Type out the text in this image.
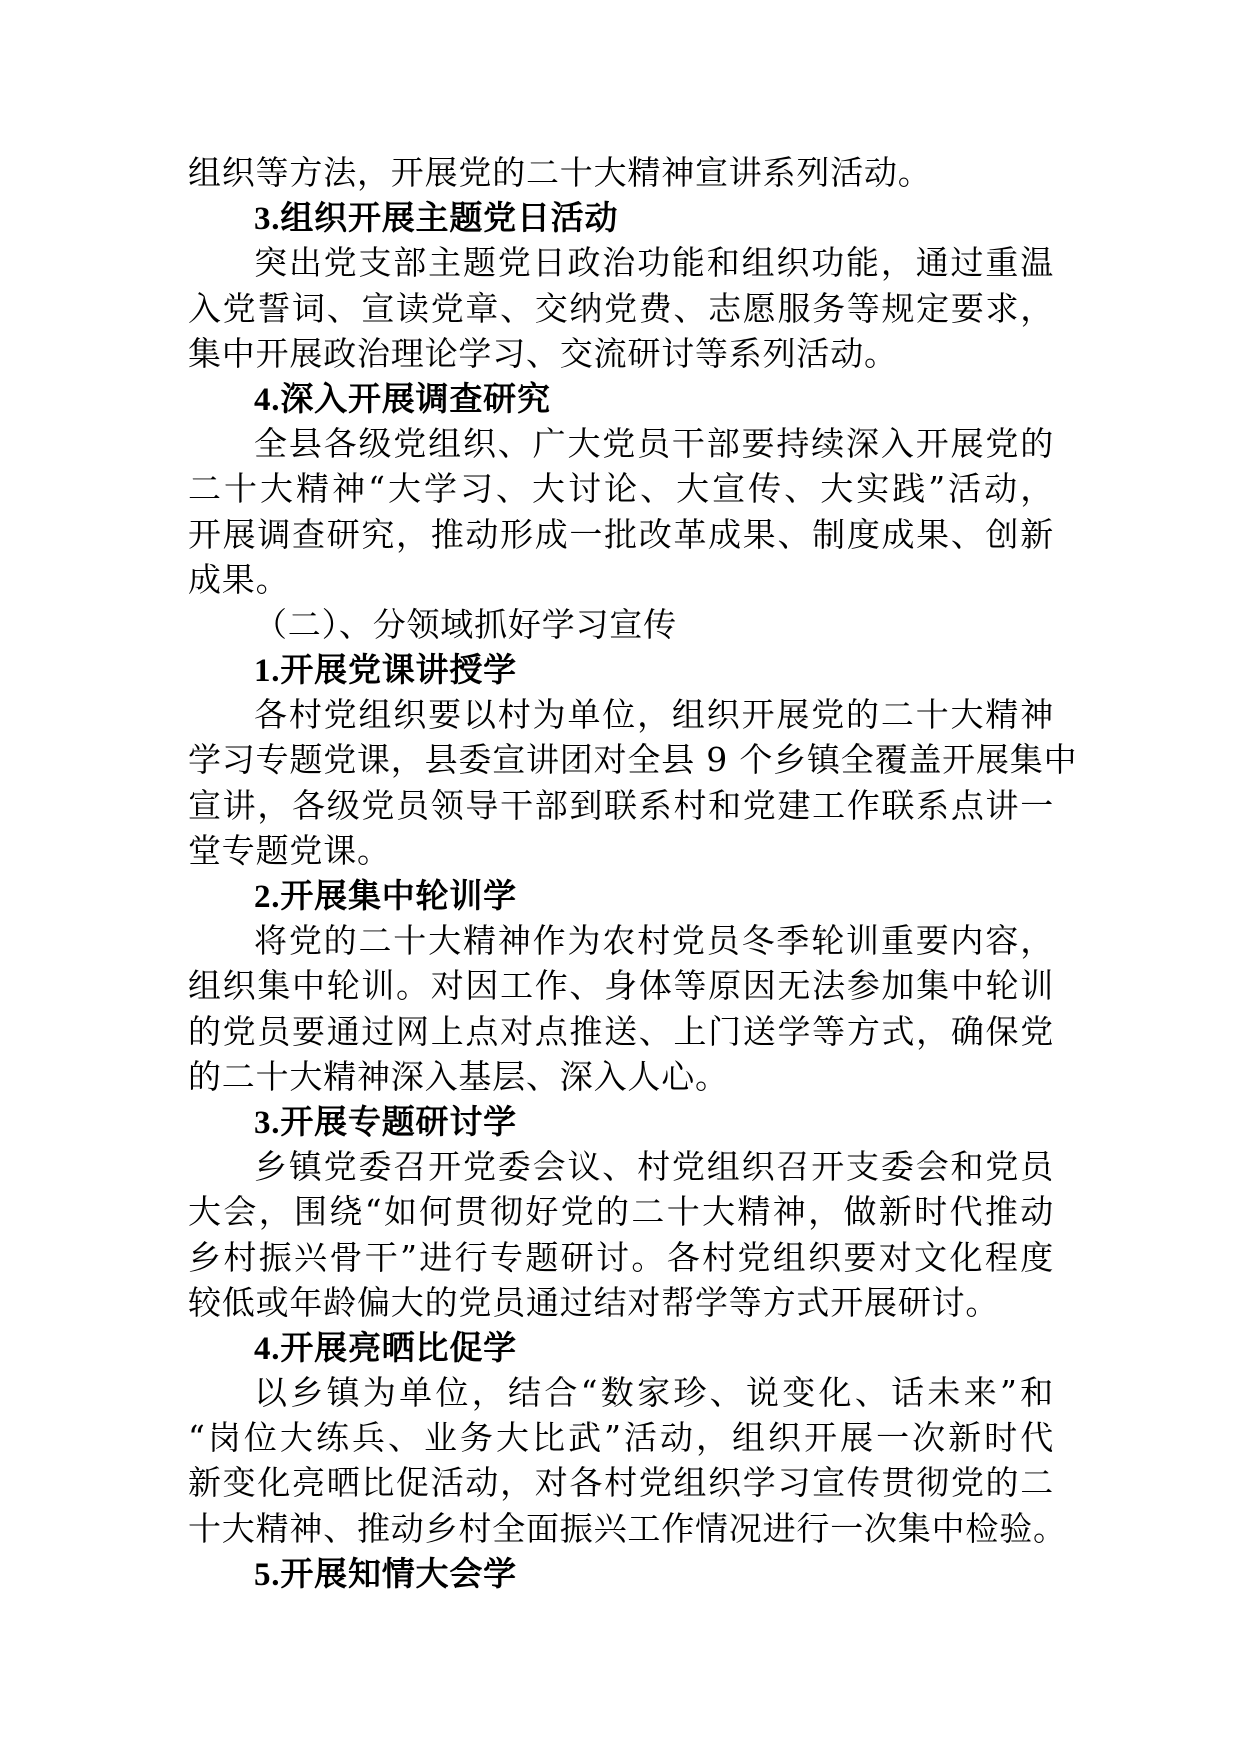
组织等方法，开展党的二十大精神宣讲系列活动。
3.组织开展主题党日活动
突出党支部主题党日政治功能和组织功能，通过重温
入党誓词、宣读党章、交纳党费、志愿服务等规定要求，
集中开展政治理论学习、交流研讨等系列活动。
4.深入开展调查研究
全县各级党组织、广大党员干部要持续深入开展党的
二十大精神“大学习、大讨论、大宣传、大实践”活动，
开展调查研究，推动形成一批改革成果、制度成果、创新
成果。
（二）、分领域抓好学习宣传
1.开展党课讲授学
各村党组织要以村为单位，组织开展党的二十大精神
学习专题党课，县委宣讲团对全县 9 个乡镇全覆盖开展集中
宣讲，各级党员领导干部到联系村和党建工作联系点讲一
堂专题党课。
2.开展集中轮训学
将党的二十大精神作为农村党员冬季轮训重要内容，
组织集中轮训。对因工作、身体等原因无法参加集中轮训
的党员要通过网上点对点推送、上门送学等方式，确保党
的二十大精神深入基层、深入人心。
3.开展专题研讨学
乡镇党委召开党委会议、村党组织召开支委会和党员
大会，围绕“如何贯彻好党的二十大精神，做新时代推动
乡村振兴骨干”进行专题研讨。各村党组织要对文化程度
较低或年龄偏大的党员通过结对帮学等方式开展研讨。
4.开展亮晒比促学
以乡镇为单位，结合“数家珍、说变化、话未来”和
“岗位大练兵、业务大比武”活动，组织开展一次新时代
新变化亮晒比促活动，对各村党组织学习宣传贯彻党的二
十大精神、推动乡村全面振兴工作情况进行一次集中检验。
5.开展知情大会学
